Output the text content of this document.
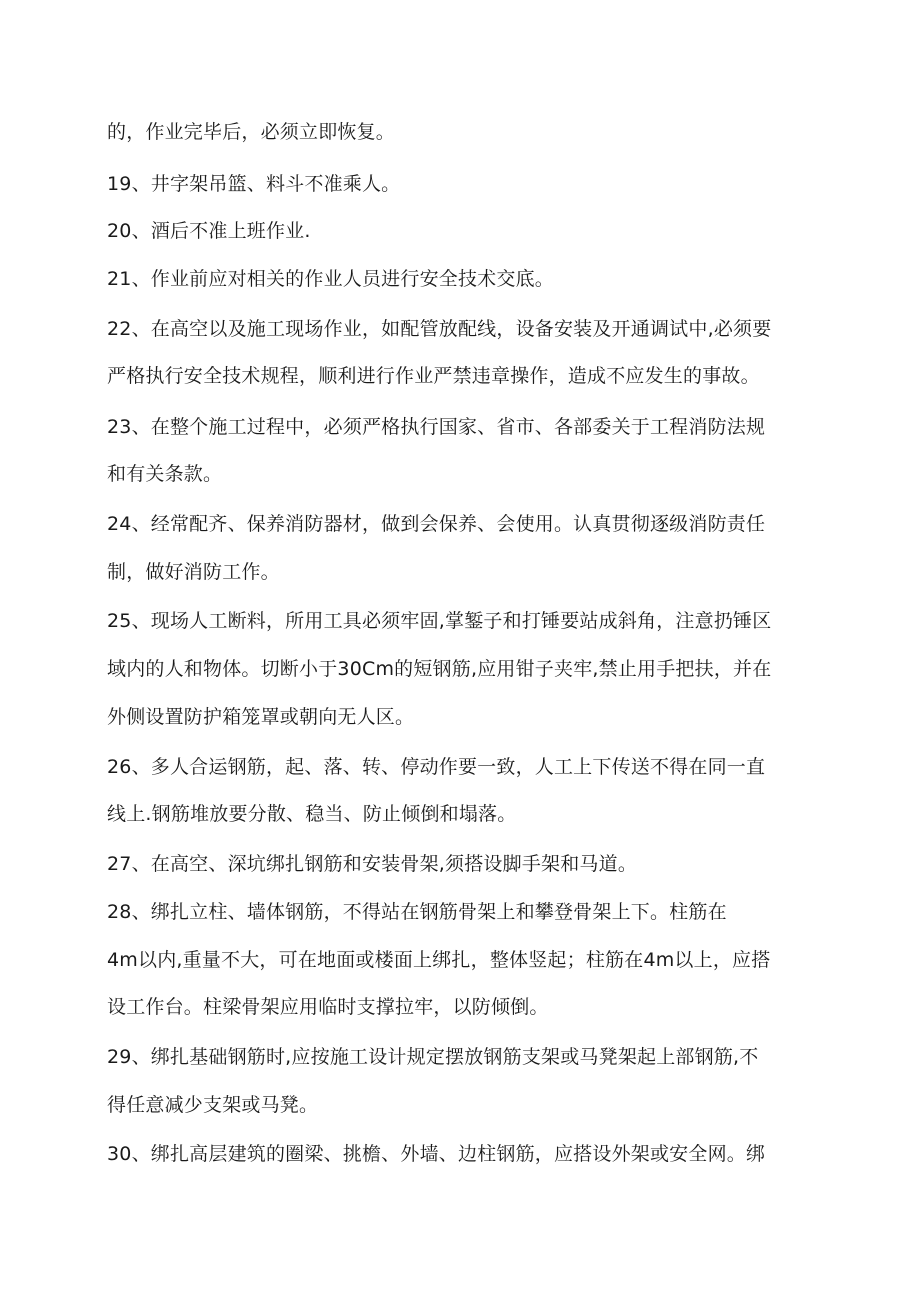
的，作业完毕后，必须立即恢复。
19、井字架吊篮、料斗不准乘人。
20、酒后不准上班作业.
21、作业前应对相关的作业人员进行安全技术交底。
22、在高空以及施工现场作业，如配管放配线，设备安装及开通调试中,必须要
严格执行安全技术规程，顺利进行作业严禁违章操作，造成不应发生的事故。
23、在整个施工过程中，必须严格执行国家、省市、各部委关于工程消防法规
和有关条款。
24、经常配齐、保养消防器材，做到会保养、会使用。认真贯彻逐级消防责任
制，做好消防工作。
25、现场人工断料，所用工具必须牢固,掌錾子和打锤要站成斜角，注意扔锤区
域内的人和物体。切断小于30Cm的短钢筋,应用钳子夹牢,禁止用手把扶，并在
外侧设置防护箱笼罩或朝向无人区。
26、多人合运钢筋，起、落、转、停动作要一致，人工上下传送不得在同一直
线上.钢筋堆放要分散、稳当、防止倾倒和塌落。
27、在高空、深坑绑扎钢筋和安装骨架,须搭设脚手架和马道。
28、绑扎立柱、墙体钢筋，不得站在钢筋骨架上和攀登骨架上下。柱筋在
4m以内,重量不大，可在地面或楼面上绑扎，整体竖起；柱筋在4m以上，应搭
设工作台。柱梁骨架应用临时支撑拉牢，以防倾倒。
29、绑扎基础钢筋时,应按施工设计规定摆放钢筋支架或马凳架起上部钢筋,不
得任意减少支架或马凳。
30、绑扎高层建筑的圈梁、挑檐、外墙、边柱钢筋，应搭设外架或安全网。绑
